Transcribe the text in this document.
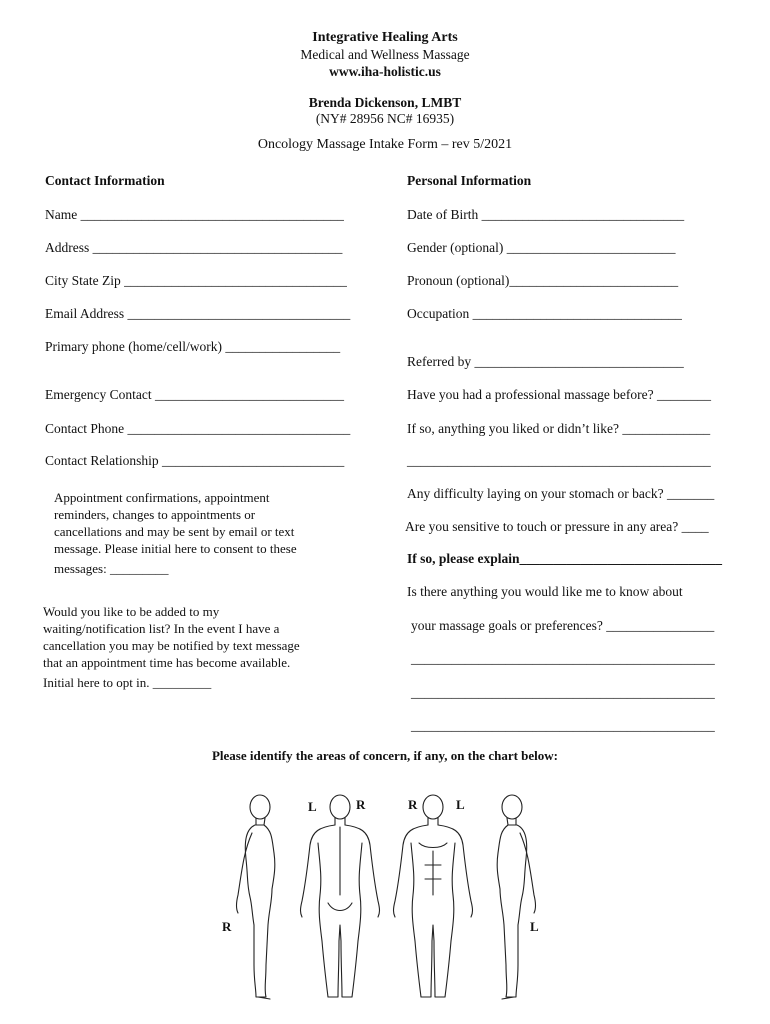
Integrative Healing Arts
Medical and Wellness Massage
www.iha-holistic.us
Brenda Dickenson, LMBT
(NY# 28956 NC# 16935)
Oncology Massage Intake Form – rev 5/2021
Contact Information
Name _______________________________________
Address _____________________________________
City State Zip _________________________________
Email Address _________________________________
Primary phone (home/cell/work) _________________
Emergency Contact ____________________________
Contact Phone _________________________________
Contact Relationship ___________________________
Appointment confirmations, appointment
reminders, changes to appointments or
cancellations and may be sent by email or text
message. Please initial here to consent to these
messages: _________
Would you like to be added to my
waiting/notification list? In the event I have a
cancellation you may be notified by text message
that an appointment time has become available.
Initial here to opt in. _________
Personal Information
Date of Birth ______________________________
Gender (optional) _________________________
Pronoun (optional)_________________________
Occupation _______________________________
Referred by _______________________________
Have you had a professional massage before? ________
If so, anything you liked or didn’t like? _____________
_____________________________________________
Any difficulty laying on your stomach or back? _______
Are you sensitive to touch or pressure in any area? ____
If so, please explain______________________________
Is there anything you would like me to know about
your massage goals or preferences? ________________
_____________________________________________
_____________________________________________
_____________________________________________
Please identify the areas of concern, if any, on the chart below:
R
L	R	R	L
L
